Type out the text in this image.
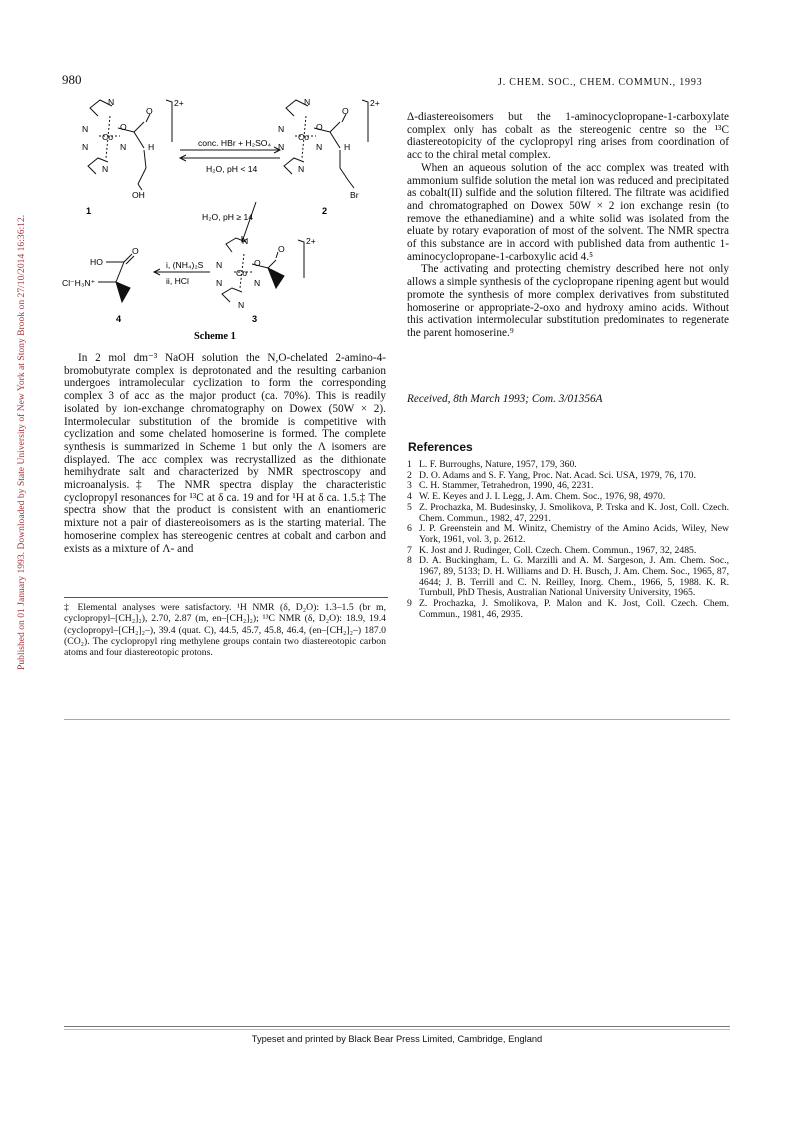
Published on 01 January 1993. Downloaded by State University of New York at Stony Brook on 27/10/2014 16:36:12.
980	J. CHEM. SOC., CHEM. COMMUN., 1993
N
N
Co
O
O
N	N	H
N
OH
2+
1
conc. HBr + H₂SO₄
H₂O, pH < 14
N
N
Co
O
O
N	N	H
N
Br
2+
2
H₂O, pH ≥ 14
N
N
Co
O
O
N	N
N
2+
3
i, (NH₄)₂S
ii, HCl
HO
O
Cl⁻H₃N⁺
4
Scheme 1

In 2 mol dm⁻³ NaOH solution the N,O-chelated 2-amino-4-bromobutyrate complex is deprotonated and the resulting carbanion undergoes intramolecular cyclization to form the corresponding complex 3 of acc as the major product (ca. 70%). This is readily isolated by ion-exchange chromatography on Dowex (50W × 2). Intermolecular substitution of the bromide is competitive with cyclization and some chelated homoserine is formed. The complete synthesis is summarized in Scheme 1 but only the Λ isomers are displayed. The acc complex was recrystallized as the dithionate hemihydrate salt and characterized by NMR spectroscopy and microanalysis.‡ The NMR spectra display the characteristic cyclopropyl resonances for ¹³C at δ ca. 19 and for ¹H at δ ca. 1.5.‡ The spectra show that the product is consistent with an enantiomeric mixture not a pair of diastereoisomers as is the starting material. The homoserine complex has stereogenic centres at cobalt and carbon and exists as a mixture of Λ- and

‡ Elemental analyses were satisfactory. ¹H NMR (δ, D₂O): 1.3–1.5 (br m, cyclopropyl–[CH₂]₂), 2.70, 2.87 (m, en–[CH₂]₂); ¹³C NMR (δ, D₂O): 18.9, 19.4 (cyclopropyl–[CH₂]₂–), 39.4 (quat. C), 44.5, 45.7, 45.8, 46.4, (en–[CH₂]₂–) 187.0 (CO₂). The cyclopropyl ring methylene groups contain two diastereotopic carbon atoms and four diastereotopic protons.

Δ-diastereoisomers but the 1-aminocyclopropane-1-carboxylate complex only has cobalt as the stereogenic centre so the ¹³C diastereotopicity of the cyclopropyl ring arises from coordination of acc to the chiral metal complex.

When an aqueous solution of the acc complex was treated with ammonium sulfide solution the metal ion was reduced and precipitated as cobalt(II) sulfide and the solution filtered. The filtrate was acidified and chromatographed on Dowex 50W × 2 ion exchange resin (to remove the ethanediamine) and a white solid was isolated from the eluate by rotary evaporation of most of the solvent. The NMR spectra of this substance are in accord with published data from authentic 1-aminocyclopropane-1-carboxylic acid 4.⁵

The activating and protecting chemistry described here not only allows a simple synthesis of the cyclopropane ripening agent but would promote the synthesis of more complex derivatives from substituted homoserine or appropriate-2-oxo and hydroxy amino acids. Without this activation intermolecular substitution predominates to regenerate the parent homoserine.⁹

Received, 8th March 1993; Com. 3/01356A
References
1 L. F. Burroughs, Nature, 1957, 179, 360.
2 D. O. Adams and S. F. Yang, Proc. Nat. Acad. Sci. USA, 1979, 76, 170.
3 C. H. Stammer, Tetrahedron, 1990, 46, 2231.
4 W. E. Keyes and J. I. Legg, J. Am. Chem. Soc., 1976, 98, 4970.
5 Z. Prochazka, M. Budesinsky, J. Smolikova, P. Trska and K. Jost, Coll. Czech. Chem. Commun., 1982, 47, 2291.
6 J. P. Greenstein and M. Winitz, Chemistry of the Amino Acids, Wiley, New York, 1961, vol. 3, p. 2612.
7 K. Jost and J. Rudinger, Coll. Czech. Chem. Commun., 1967, 32, 2485.
8 D. A. Buckingham, L. G. Marzilli and A. M. Sargeson, J. Am. Chem. Soc., 1967, 89, 5133; D. H. Williams and D. H. Busch, J. Am. Chem. Soc., 1965, 87, 4644; J. B. Terrill and C. N. Reilley, Inorg. Chem., 1966, 5, 1988. K. R. Turnbull, PhD Thesis, Australian National University University, 1965.
9 Z. Prochazka, J. Smolikova, P. Malon and K. Jost, Coll. Czech. Chem. Commun., 1981, 46, 2935.
Typeset and printed by Black Bear Press Limited, Cambridge, England
